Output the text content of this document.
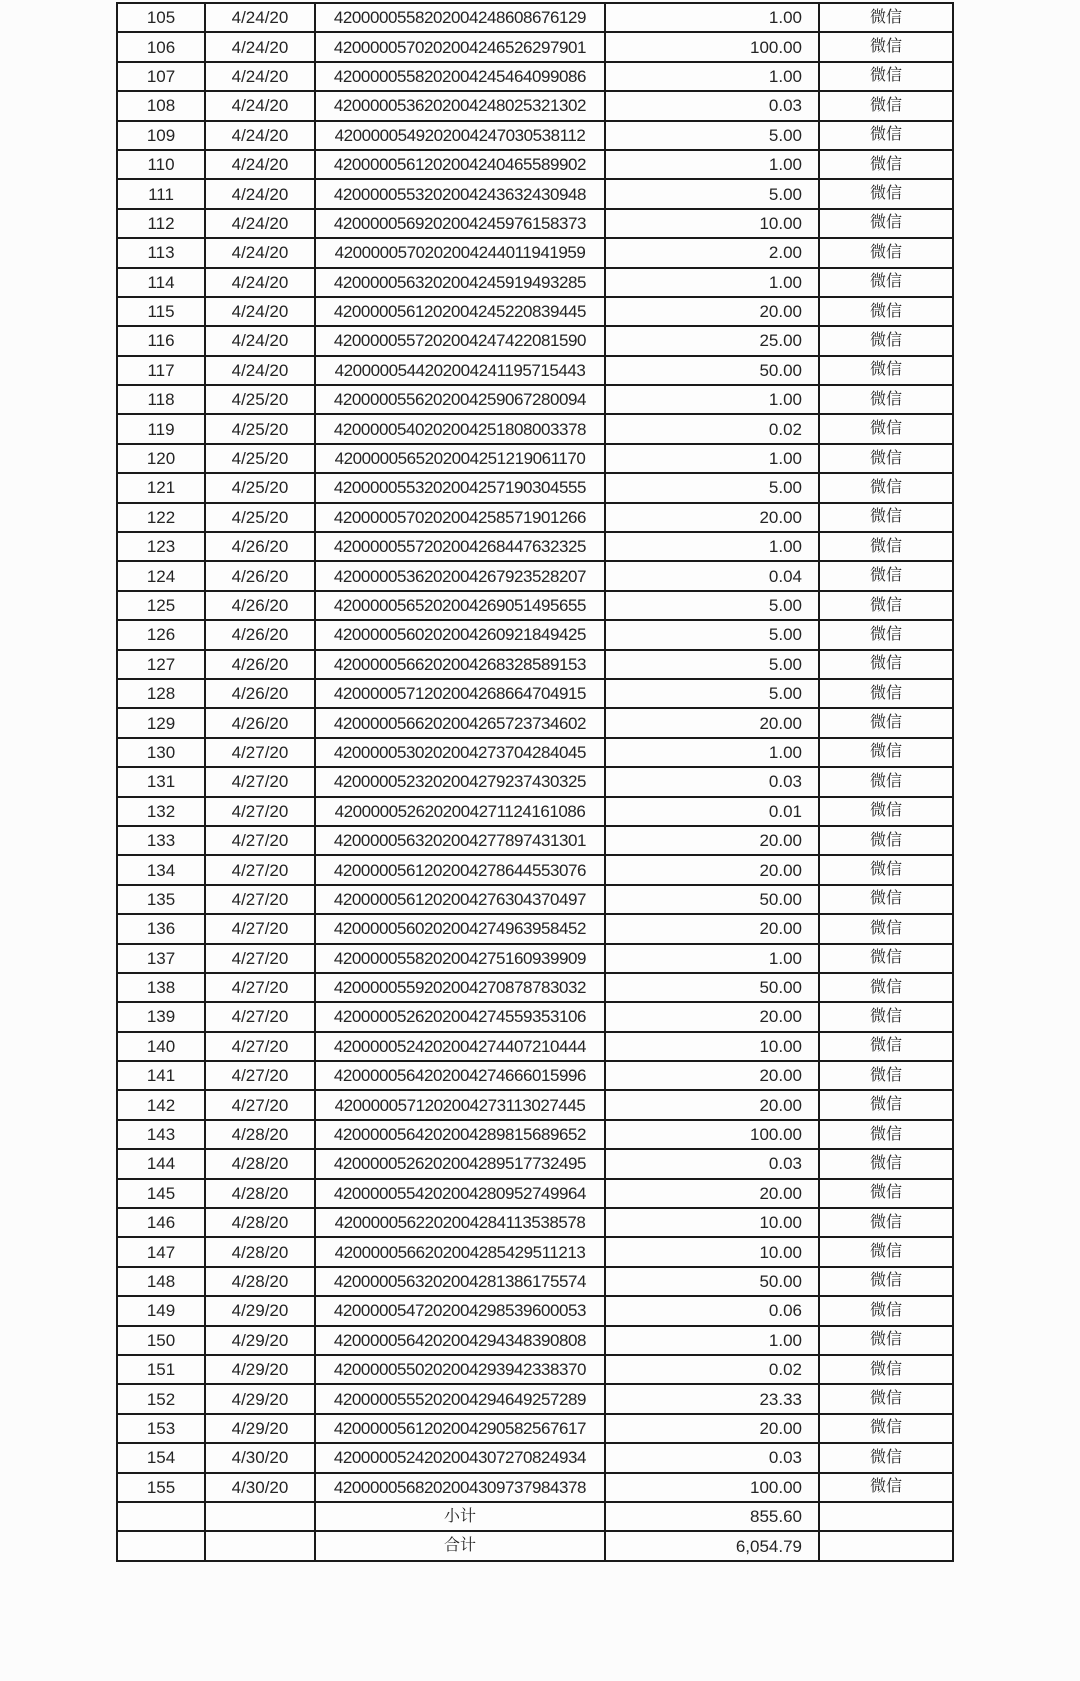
105	4/24/20	4200000558202004248608676129	1.00	微信
106	4/24/20	4200000570202004246526297901	100.00	微信
107	4/24/20	4200000558202004245464099086	1.00	微信
108	4/24/20	4200000536202004248025321302	0.03	微信
109	4/24/20	4200000549202004247030538112	5.00	微信
110	4/24/20	4200000561202004240465589902	1.00	微信
111	4/24/20	4200000553202004243632430948	5.00	微信
112	4/24/20	4200000569202004245976158373	10.00	微信
113	4/24/20	4200000570202004244011941959	2.00	微信
114	4/24/20	4200000563202004245919493285	1.00	微信
115	4/24/20	4200000561202004245220839445	20.00	微信
116	4/24/20	4200000557202004247422081590	25.00	微信
117	4/24/20	4200000544202004241195715443	50.00	微信
118	4/25/20	4200000556202004259067280094	1.00	微信
119	4/25/20	4200000540202004251808003378	0.02	微信
120	4/25/20	4200000565202004251219061170	1.00	微信
121	4/25/20	4200000553202004257190304555	5.00	微信
122	4/25/20	4200000570202004258571901266	20.00	微信
123	4/26/20	4200000557202004268447632325	1.00	微信
124	4/26/20	4200000536202004267923528207	0.04	微信
125	4/26/20	4200000565202004269051495655	5.00	微信
126	4/26/20	4200000560202004260921849425	5.00	微信
127	4/26/20	4200000566202004268328589153	5.00	微信
128	4/26/20	4200000571202004268664704915	5.00	微信
129	4/26/20	4200000566202004265723734602	20.00	微信
130	4/27/20	4200000530202004273704284045	1.00	微信
131	4/27/20	4200000523202004279237430325	0.03	微信
132	4/27/20	4200000526202004271124161086	0.01	微信
133	4/27/20	4200000563202004277897431301	20.00	微信
134	4/27/20	4200000561202004278644553076	20.00	微信
135	4/27/20	4200000561202004276304370497	50.00	微信
136	4/27/20	4200000560202004274963958452	20.00	微信
137	4/27/20	4200000558202004275160939909	1.00	微信
138	4/27/20	4200000559202004270878783032	50.00	微信
139	4/27/20	4200000526202004274559353106	20.00	微信
140	4/27/20	4200000524202004274407210444	10.00	微信
141	4/27/20	4200000564202004274666015996	20.00	微信
142	4/27/20	4200000571202004273113027445	20.00	微信
143	4/28/20	4200000564202004289815689652	100.00	微信
144	4/28/20	4200000526202004289517732495	0.03	微信
145	4/28/20	4200000554202004280952749964	20.00	微信
146	4/28/20	4200000562202004284113538578	10.00	微信
147	4/28/20	4200000566202004285429511213	10.00	微信
148	4/28/20	4200000563202004281386175574	50.00	微信
149	4/29/20	4200000547202004298539600053	0.06	微信
150	4/29/20	4200000564202004294348390808	1.00	微信
151	4/29/20	4200000550202004293942338370	0.02	微信
152	4/29/20	4200000555202004294649257289	23.33	微信
153	4/29/20	4200000561202004290582567617	20.00	微信
154	4/30/20	4200000524202004307270824934	0.03	微信
155	4/30/20	4200000568202004309737984378	100.00	微信
		小计	855.60	
		合计	6,054.79	
